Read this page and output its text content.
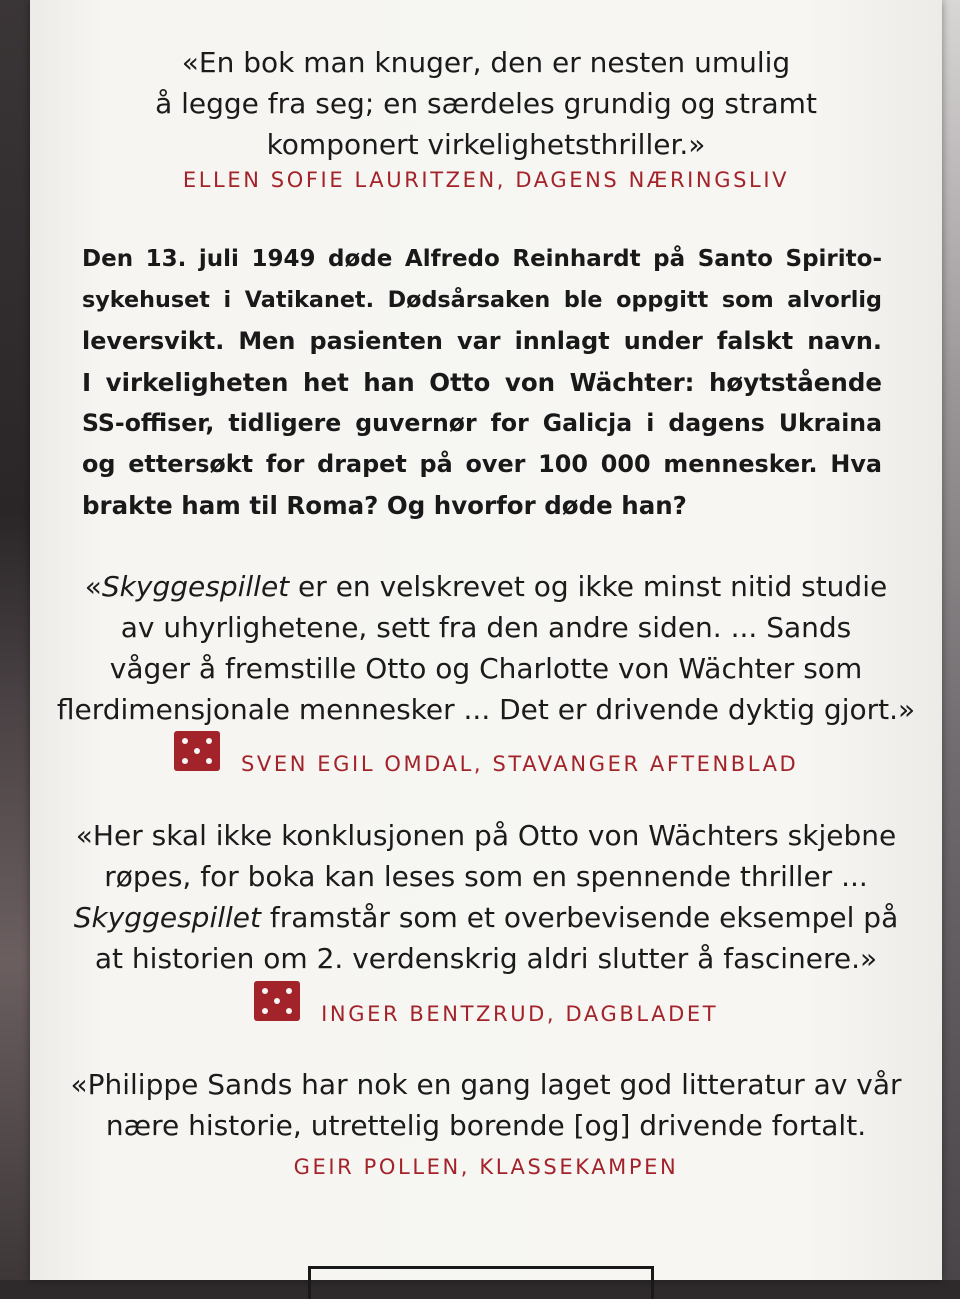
«En bok man knuger, den er nesten umulig
å legge fra seg; en særdeles grundig og stramt
komponert virkelighetsthriller.»
ELLEN SOFIE LAURITZEN, DAGENS NÆRINGSLIV
Den 13. juli 1949 døde Alfredo Reinhardt på Santo Spirito-
sykehuset i Vatikanet. Dødsårsaken ble oppgitt som alvorlig
leversvikt. Men pasienten var innlagt under falskt navn.
I virkeligheten het han Otto von Wächter: høytstående
SS-offiser, tidligere guvernør for Galicja i dagens Ukraina
og ettersøkt for drapet på over 100 000 mennesker. Hva
brakte ham til Roma? Og hvorfor døde han?
«Skyggespillet er en velskrevet og ikke minst nitid studie
av uhyrlighetene, sett fra den andre siden. ... Sands
våger å fremstille Otto og Charlotte von Wächter som
flerdimensjonale mennesker ... Det er drivende dyktig gjort.»
SVEN EGIL OMDAL, STAVANGER AFTENBLAD
«Her skal ikke konklusjonen på Otto von Wächters skjebne
røpes, for boka kan leses som en spennende thriller ...
Skyggespillet framstår som et overbevisende eksempel på
at historien om 2. verdenskrig aldri slutter å fascinere.»
INGER BENTZRUD, DAGBLADET
«Philippe Sands har nok en gang laget god litteratur av vår
nære historie, utrettelig borende [og] drivende fortalt.
GEIR POLLEN, KLASSEKAMPEN
